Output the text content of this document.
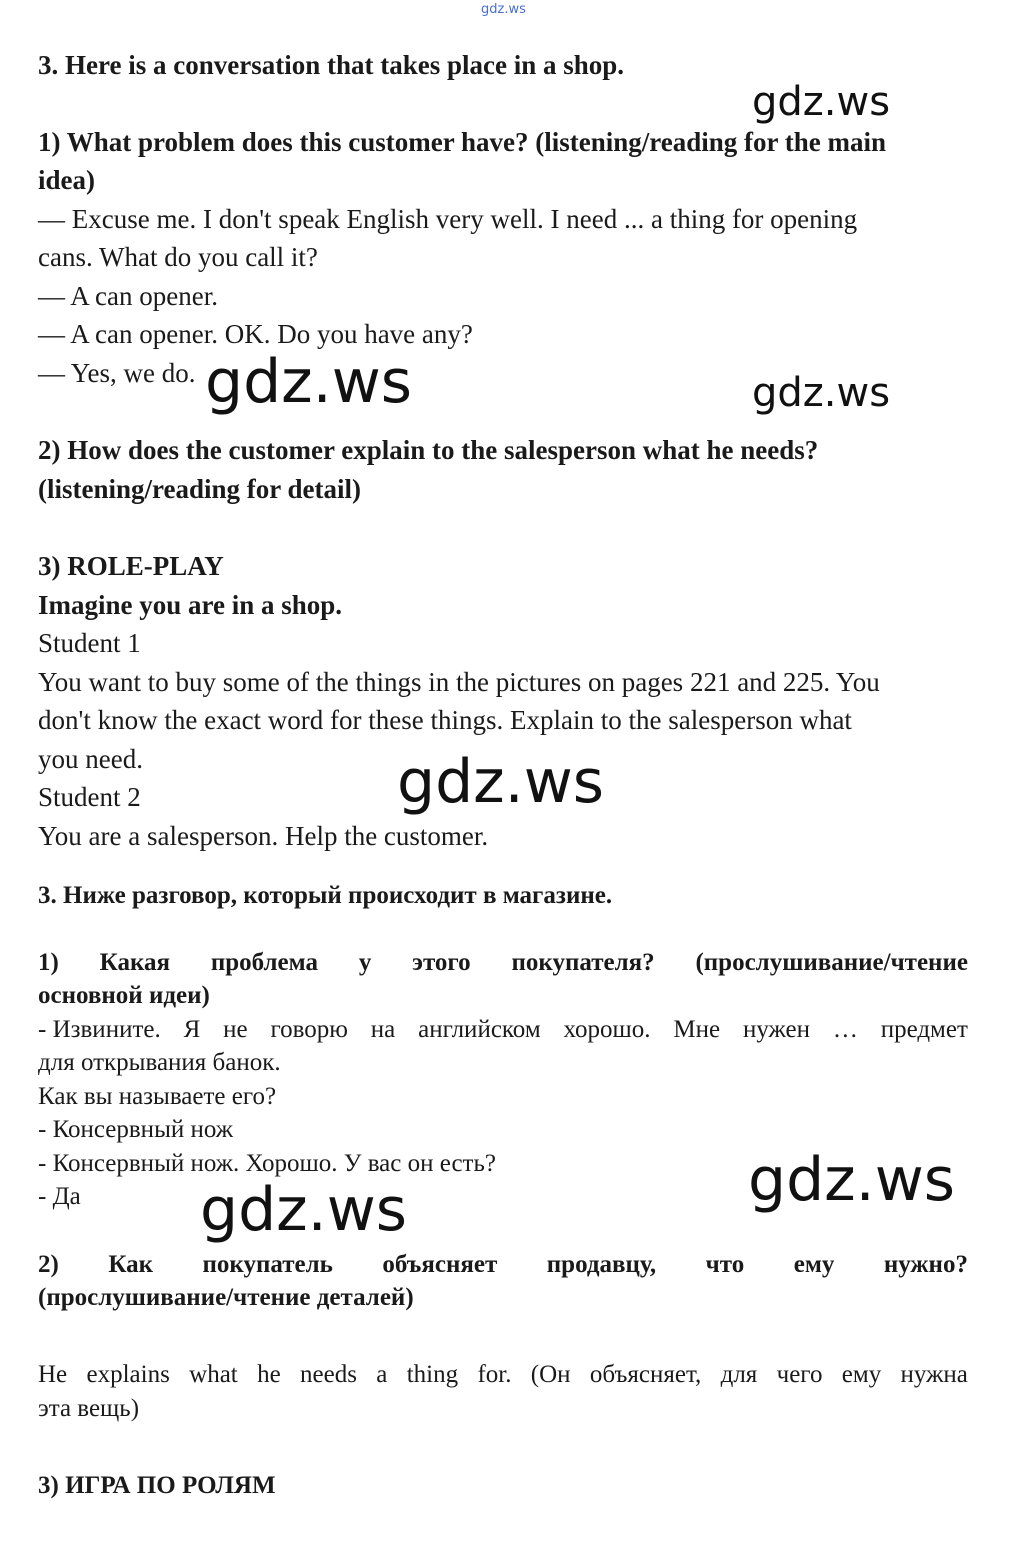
gdz.ws
3. Here is a conversation that takes place in a shop.
1) What problem does this customer have? (listening/reading for the main
idea)
— Excuse me. I don't speak English very well. I need ... a thing for opening
cans. What do you call it?
— A can opener.
— A can opener. OK. Do you have any?
— Yes, we do.
2) How does the customer explain to the salesperson what he needs?
(listening/reading for detail)
3) ROLE-PLAY
Imagine you are in a shop.
Student 1
You want to buy some of the things in the pictures on pages 221 and 225. You
don't know the exact word for these things. Explain to the salesperson what
you need.
Student 2
You are a salesperson. Help the customer.
3. Ниже разговор, который происходит в магазине.
1) Какая проблема у этого покупателя? (прослушивание/чтение
основной идеи)
- Извините. Я не говорю на английском хорошо. Мне нужен … предмет
для открывания банок.
Как вы называете его?
- Консервный нож
- Консервный нож. Хорошо. У вас он есть?
- Да
2) Как покупатель объясняет продавцу, что ему нужно?
(прослушивание/чтение деталей)
He explains what he needs a thing for. (Он объясняет, для чего ему нужна
эта вещь)
3) ИГРА ПО РОЛЯМ
gdz.ws
gdz.ws	gdz.ws
gdz.ws
gdz.ws
gdz.ws
